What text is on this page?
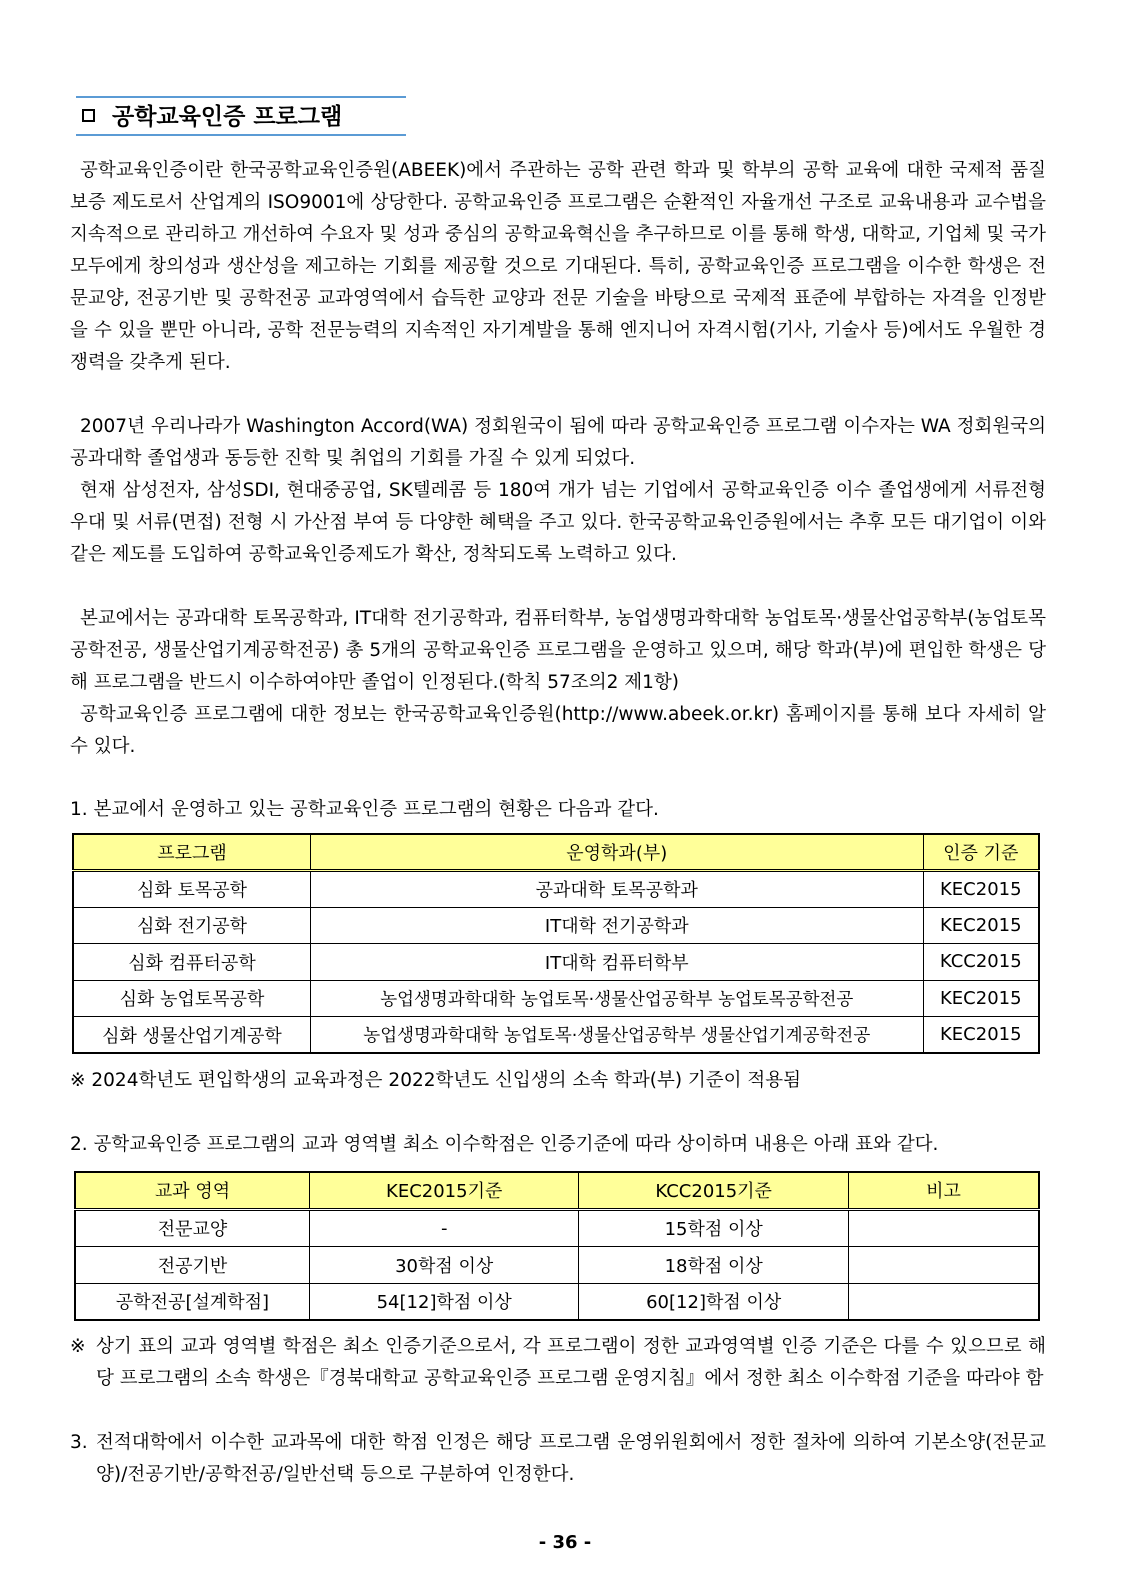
공학교육인증 프로그램

공학교육인증이란 한국공학교육인증원(ABEEK)에서 주관하는 공학 관련 학과 및 학부의 공학 교육에 대한 국제적 품질 보증 제도로서 산업계의 ISO9001에 상당한다. 공학교육인증 프로그램은 순환적인 자율개선 구조로 교육내용과 교수법을 지속적으로 관리하고 개선하여 수요자 및 성과 중심의 공학교육혁신을 추구하므로 이를 통해 학생, 대학교, 기업체 및 국가 모두에게 창의성과 생산성을 제고하는 기회를 제공할 것으로 기대된다. 특히, 공학교육인증 프로그램을 이수한 학생은 전문교양, 전공기반 및 공학전공 교과영역에서 습득한 교양과 전문 기술을 바탕으로 국제적 표준에 부합하는 자격을 인정받을 수 있을 뿐만 아니라, 공학 전문능력의 지속적인 자기계발을 통해 엔지니어 자격시험(기사, 기술사 등)에서도 우월한 경쟁력을 갖추게 된다.

2007년 우리나라가 Washington Accord(WA) 정회원국이 됨에 따라 공학교육인증 프로그램 이수자는 WA 정회원국의 공과대학 졸업생과 동등한 진학 및 취업의 기회를 가질 수 있게 되었다.

현재 삼성전자, 삼성SDI, 현대중공업, SK텔레콤 등 180여 개가 넘는 기업에서 공학교육인증 이수 졸업생에게 서류전형 우대 및 서류(면접) 전형 시 가산점 부여 등 다양한 혜택을 주고 있다. 한국공학교육인증원에서는 추후 모든 대기업이 이와 같은 제도를 도입하여 공학교육인증제도가 확산, 정착되도록 노력하고 있다.

본교에서는 공과대학 토목공학과, IT대학 전기공학과, 컴퓨터학부, 농업생명과학대학 농업토목·생물산업공학부(농업토목공학전공, 생물산업기계공학전공) 총 5개의 공학교육인증 프로그램을 운영하고 있으며, 해당 학과(부)에 편입한 학생은 당해 프로그램을 반드시 이수하여야만 졸업이 인정된다.(학칙 57조의2 제1항)

공학교육인증 프로그램에 대한 정보는 한국공학교육인증원(http://www.abeek.or.kr) 홈페이지를 통해 보다 자세히 알 수 있다.

1. 본교에서 운영하고 있는 공학교육인증 프로그램의 현황은 다음과 같다.

프로그램	운영학과(부)	인증 기준
심화 토목공학	공과대학 토목공학과	KEC2015
심화 전기공학	IT대학 전기공학과	KEC2015
심화 컴퓨터공학	IT대학 컴퓨터학부	KCC2015
심화 농업토목공학	농업생명과학대학 농업토목·생물산업공학부 농업토목공학전공	KEC2015
심화 생물산업기계공학	농업생명과학대학 농업토목·생물산업공학부 생물산업기계공학전공	KEC2015

※ 2024학년도 편입학생의 교육과정은 2022학년도 신입생의 소속 학과(부) 기준이 적용됨

2. 공학교육인증 프로그램의 교과 영역별 최소 이수학점은 인증기준에 따라 상이하며 내용은 아래 표와 같다.

교과 영역	KEC2015기준	KCC2015기준	비고
전문교양	-	15학점 이상	
전공기반	30학점 이상	18학점 이상	
공학전공[설계학점]	54[12]학점 이상	60[12]학점 이상	
※ 상기 표의 교과 영역별 학점은 최소 인증기준으로서, 각 프로그램이 정한 교과영역별 인증 기준은 다를 수 있으므로 해당 프로그램의 소속 학생은『경북대학교 공학교육인증 프로그램 운영지침』에서 정한 최소 이수학점 기준을 따라야 함
3. 전적대학에서 이수한 교과목에 대한 학점 인정은 해당 프로그램 운영위원회에서 정한 절차에 의하여 기본소양(전문교양)/전공기반/공학전공/일반선택 등으로 구분하여 인정한다.
- 36 -
